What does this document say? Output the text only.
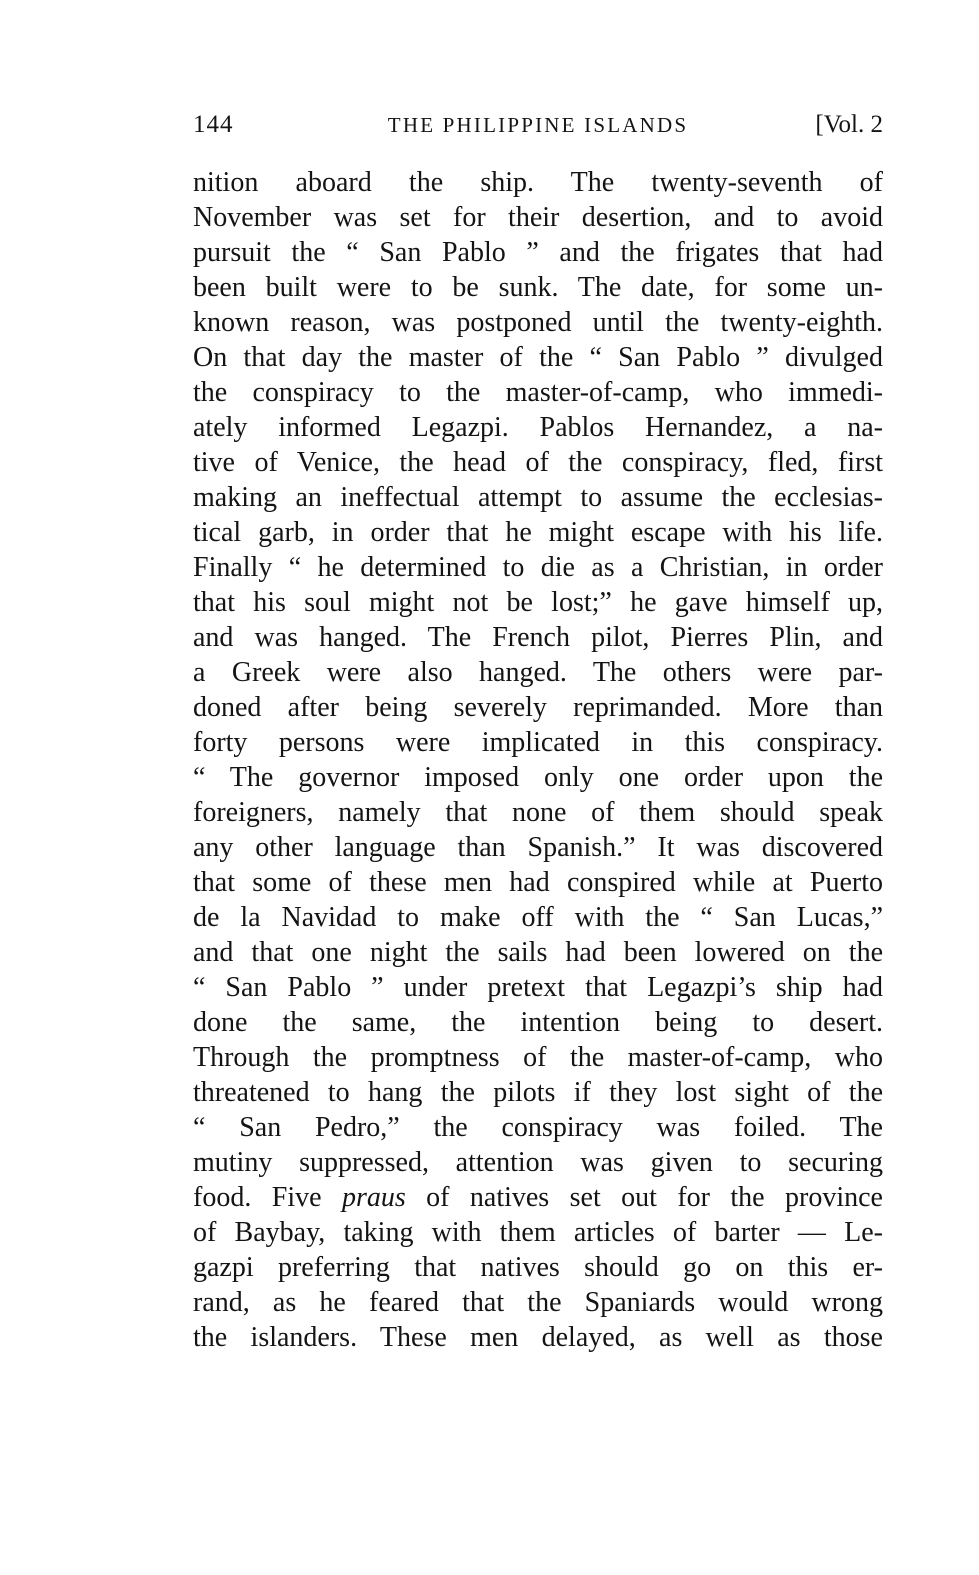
144	THE PHILIPPINE ISLANDS	[Vol. 2
nition aboard the ship. The twenty-seventh of
November was set for their desertion, and to avoid
pursuit the “ San Pablo ” and the frigates that had
been built were to be sunk. The date, for some un-
known reason, was postponed until the twenty-eighth.
On that day the master of the “ San Pablo ” divulged
the conspiracy to the master-of-camp, who immedi-
ately informed Legazpi. Pablos Hernandez, a na-
tive of Venice, the head of the conspiracy, fled, first
making an ineffectual attempt to assume the ecclesias-
tical garb, in order that he might escape with his life.
Finally “ he determined to die as a Christian, in order
that his soul might not be lost;” he gave himself up,
and was hanged. The French pilot, Pierres Plin, and
a Greek were also hanged. The others were par-
doned after being severely reprimanded. More than
forty persons were implicated in this conspiracy.
“ The governor imposed only one order upon the
foreigners, namely that none of them should speak
any other language than Spanish.” It was discovered
that some of these men had conspired while at Puerto
de la Navidad to make off with the “ San Lucas,”
and that one night the sails had been lowered on the
“ San Pablo ” under pretext that Legazpi’s ship had
done the same, the intention being to desert.
Through the promptness of the master-of-camp, who
threatened to hang the pilots if they lost sight of the
“ San Pedro,” the conspiracy was foiled. The
mutiny suppressed, attention was given to securing
food. Five praus of natives set out for the province
of Baybay, taking with them articles of barter — Le-
gazpi preferring that natives should go on this er-
rand, as he feared that the Spaniards would wrong
the islanders. These men delayed, as well as those
